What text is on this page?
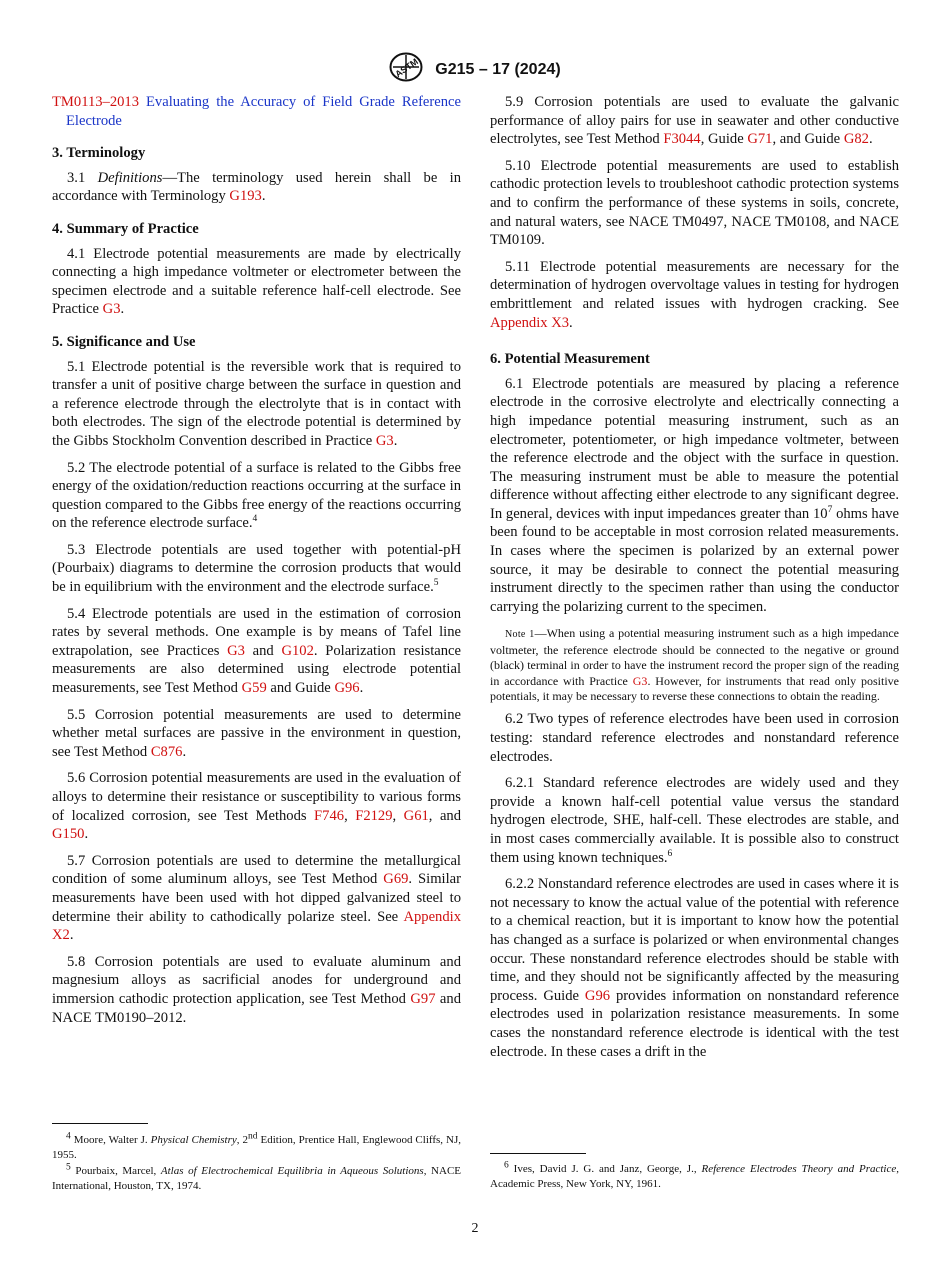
ASTM G215 – 17 (2024)

TM0113–2013 Evaluating the Accuracy of Field Grade Reference Electrode

3. Terminology

3.1 Definitions—The terminology used herein shall be in accordance with Terminology G193.

4. Summary of Practice

4.1 Electrode potential measurements are made by electrically connecting a high impedance voltmeter or electrometer between the specimen electrode and a suitable reference half-cell electrode. See Practice G3.

5. Significance and Use

5.1 Electrode potential is the reversible work that is required to transfer a unit of positive charge between the surface in question and a reference electrode through the electrolyte that is in contact with both electrodes. The sign of the electrode potential is determined by the Gibbs Stockholm Convention described in Practice G3.

5.2 The electrode potential of a surface is related to the Gibbs free energy of the oxidation/reduction reactions occurring at the surface in question compared to the Gibbs free energy of the reactions occurring on the reference electrode surface.$^4$

5.3 Electrode potentials are used together with potential-pH (Pourbaix) diagrams to determine the corrosion products that would be in equilibrium with the environment and the electrode surface.$^5$

5.4 Electrode potentials are used in the estimation of corrosion rates by several methods. One example is by means of Tafel line extrapolation, see Practices G3 and G102. Polarization resistance measurements are also determined using electrode potential measurements, see Test Method G59 and Guide G96.

5.5 Corrosion potential measurements are used to determine whether metal surfaces are passive in the environment in question, see Test Method C876.

5.6 Corrosion potential measurements are used in the evaluation of alloys to determine their resistance or susceptibility to various forms of localized corrosion, see Test Methods F746, F2129, G61, and G150.

5.7 Corrosion potentials are used to determine the metallurgical condition of some aluminum alloys, see Test Method G69. Similar measurements have been used with hot dipped galvanized steel to determine their ability to cathodically polarize steel. See Appendix X2.

5.8 Corrosion potentials are used to evaluate aluminum and magnesium alloys as sacrificial anodes for underground and immersion cathodic protection application, see Test Method G97 and NACE TM0190–2012.

$^4$ Moore, Walter J. Physical Chemistry, 2nd Edition, Prentice Hall, Englewood Cliffs, NJ, 1955.

$^5$ Pourbaix, Marcel, Atlas of Electrochemical Equilibria in Aqueous Solutions, NACE International, Houston, TX, 1974.

5.9 Corrosion potentials are used to evaluate the galvanic performance of alloy pairs for use in seawater and other conductive electrolytes, see Test Method F3044, Guide G71, and Guide G82.

5.10 Electrode potential measurements are used to establish cathodic protection levels to troubleshoot cathodic protection systems and to confirm the performance of these systems in soils, concrete, and natural waters, see NACE TM0497, NACE TM0108, and NACE TM0109.

5.11 Electrode potential measurements are necessary for the determination of hydrogen overvoltage values in testing for hydrogen embrittlement and related issues with hydrogen cracking. See Appendix X3.

6. Potential Measurement

6.1 Electrode potentials are measured by placing a reference electrode in the corrosive electrolyte and electrically connecting a high impedance potential measuring instrument, such as an electrometer, potentiometer, or high impedance voltmeter, between the reference electrode and the object with the surface in question. The measuring instrument must be able to measure the potential difference without affecting either electrode to any significant degree. In general, devices with input impedances greater than $10^7$ ohms have been found to be acceptable in most corrosion related measurements. In cases where the specimen is polarized by an external power source, it may be desirable to connect the potential measuring instrument directly to the specimen rather than using the conductor carrying the polarizing current to the specimen.

Note 1—When using a potential measuring instrument such as a high impedance voltmeter, the reference electrode should be connected to the negative or ground (black) terminal in order to have the instrument record the proper sign of the reading in accordance with Practice G3. However, for instruments that read only positive potentials, it may be necessary to reverse these connections to obtain the reading.

6.2 Two types of reference electrodes have been used in corrosion testing: standard reference electrodes and nonstandard reference electrodes.

6.2.1 Standard reference electrodes are widely used and they provide a known half-cell potential value versus the standard hydrogen electrode, SHE, half-cell. These electrodes are stable, and in most cases commercially available. It is possible also to construct them using known techniques.$^6$

6.2.2 Nonstandard reference electrodes are used in cases where it is not necessary to know the actual value of the potential with reference to a chemical reaction, but it is important to know how the potential has changed as a surface is polarized or when environmental changes occur. These nonstandard reference electrodes should be stable with time, and they should not be significantly affected by the measuring process. Guide G96 provides information on nonstandard reference electrodes used in polarization resistance measurements. In some cases the nonstandard reference electrode is identical with the test electrode. In these cases a drift in the

$^6$ Ives, David J. G. and Janz, George, J., Reference Electrodes Theory and Practice, Academic Press, New York, NY, 1961.

2
